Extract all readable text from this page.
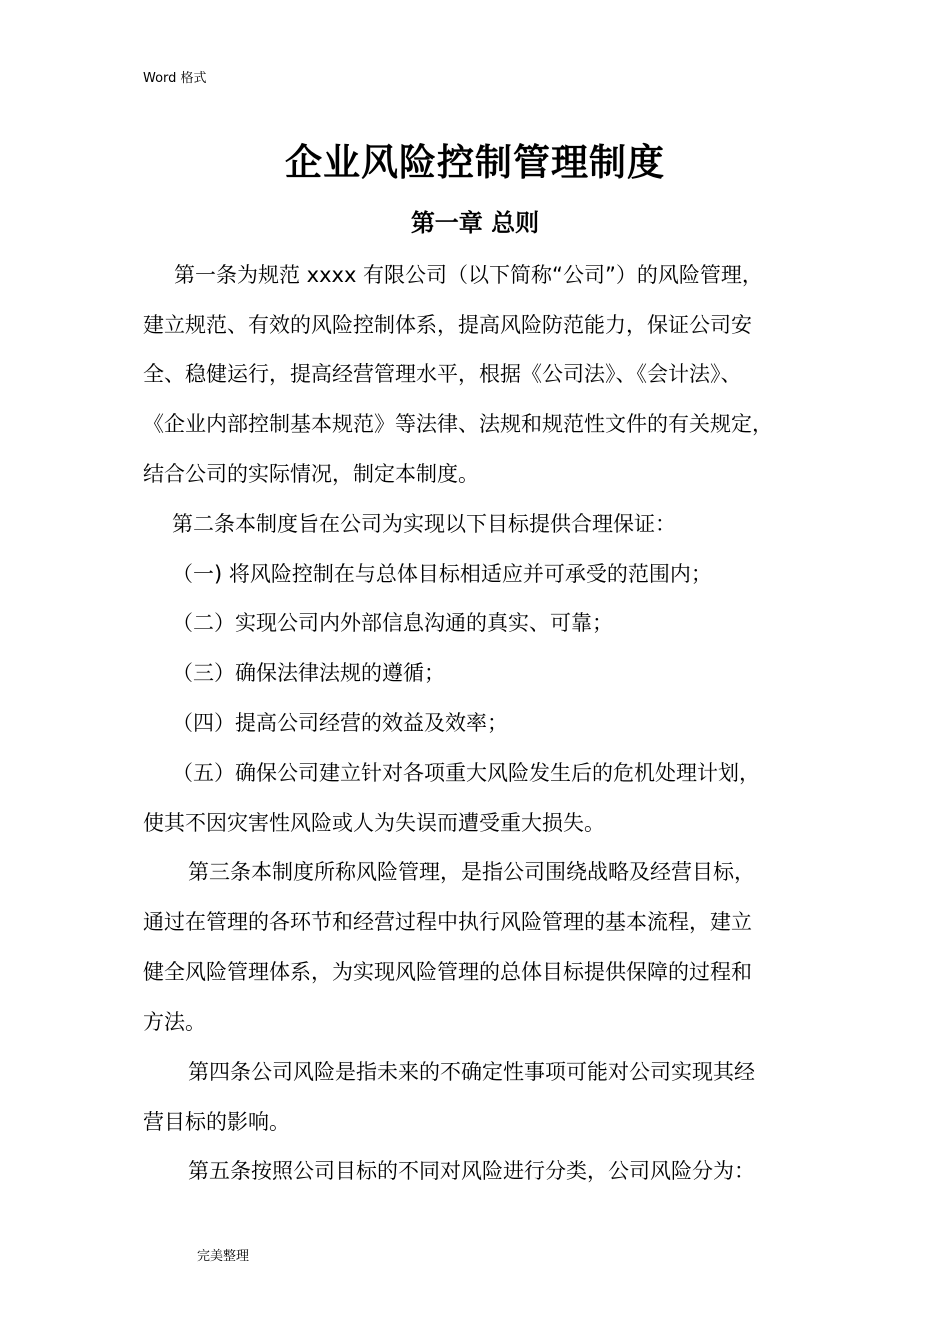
Word 格式
企业风险控制管理制度
第一章 总则
第一条为规范 xxxx 有限公司（以下简称“公司”）的风险管理，
建立规范、有效的风险控制体系，提高风险防范能力，保证公司安
全、稳健运行，提高经营管理水平，根据《公司法》、《会计法》、
《企业内部控制基本规范》等法律、法规和规范性文件的有关规定，
结合公司的实际情况，制定本制度。
第二条本制度旨在公司为实现以下目标提供合理保证：
（一) 将风险控制在与总体目标相适应并可承受的范围内；
（二）实现公司内外部信息沟通的真实、可靠；
（三）确保法律法规的遵循；
（四）提高公司经营的效益及效率；
（五）确保公司建立针对各项重大风险发生后的危机处理计划，
使其不因灾害性风险或人为失误而遭受重大损失。
第三条本制度所称风险管理，是指公司围绕战略及经营目标，
通过在管理的各环节和经营过程中执行风险管理的基本流程，建立
健全风险管理体系，为实现风险管理的总体目标提供保障的过程和
方法。
第四条公司风险是指未来的不确定性事项可能对公司实现其经
营目标的影响。
第五条按照公司目标的不同对风险进行分类，公司风险分为：
完美整理
